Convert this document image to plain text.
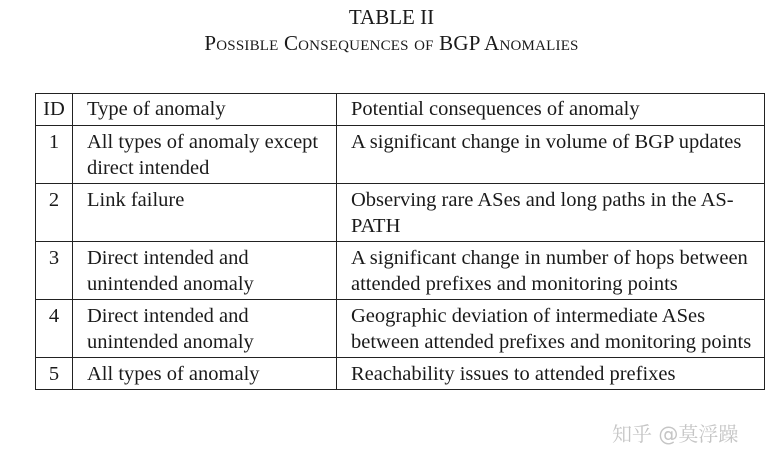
TABLE II
Possible Consequences of BGP Anomalies
ID	Type of anomaly	Potential consequences of anomaly
1	All types of anomaly except direct intended	A significant change in volume of BGP updates
2	Link failure	Observing rare ASes and long paths in the AS-PATH
3	Direct intended and unintended anomaly	A significant change in number of hops between attended prefixes and monitoring points
4	Direct intended and unintended anomaly	Geographic deviation of intermediate ASes between attended prefixes and monitoring points
5	All types of anomaly	Reachability issues to attended prefixes
知乎 @莫浮躁
